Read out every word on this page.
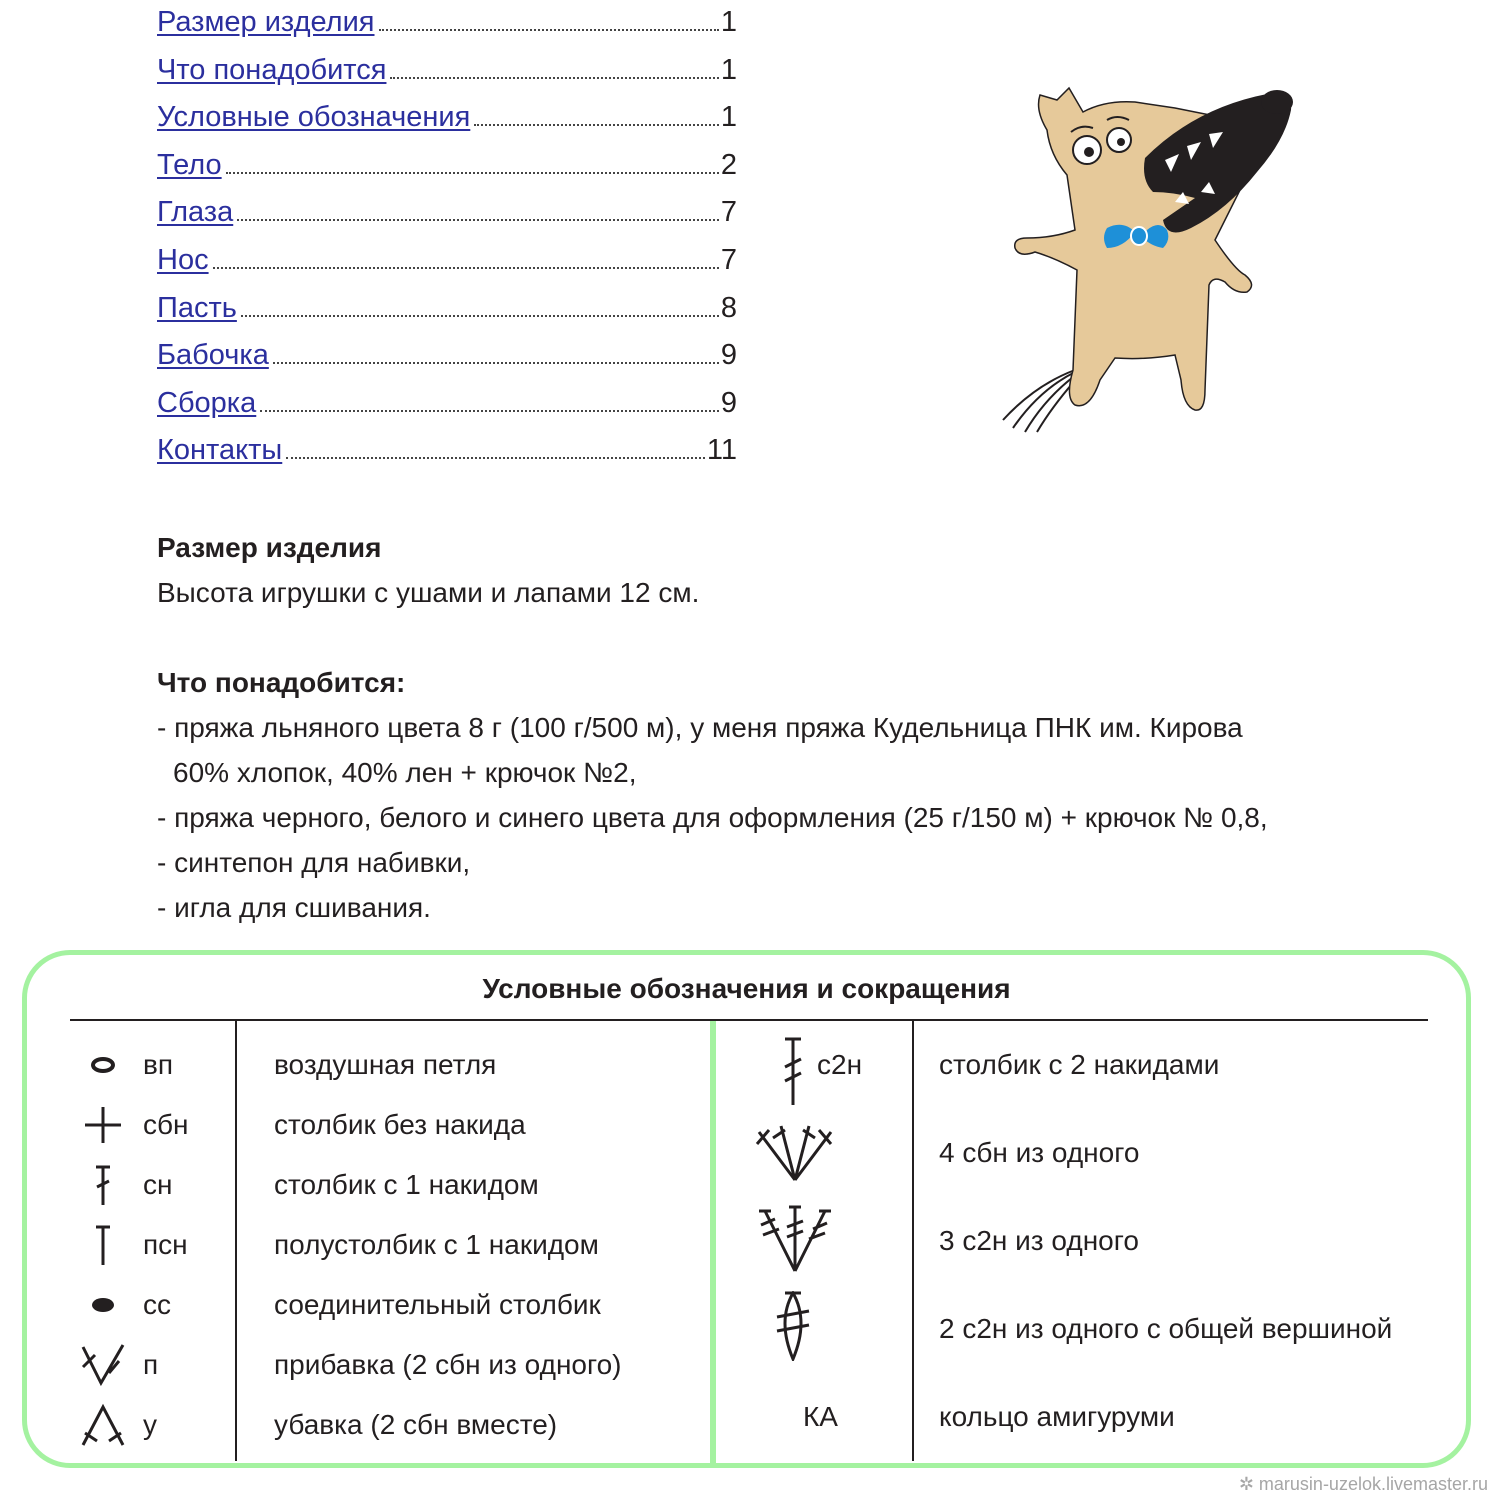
Размер изделия	1
Что понадобится	1
Условные обозначения	1
Тело	2
Глаза	7
Нос	7
Пасть	8
Бабочка	9
Сборка	9
Контакты	11
Размер изделия

Высота игрушки с ушами и лапами 12 см.

Что понадобится:

- пряжа льняного цвета 8 г (100 г/500 м), у меня пряжа Кудельница ПНК им. Кирова

60% хлопок, 40% лен + крючок №2,

- пряжа черного, белого и синего цвета для оформления (25 г/150 м) + крючок № 0,8,

- синтепон для набивки,

- игла для сшивания.

Условные обозначения и сокращения
вп	воздушная петля
сбн	столбик без накида
сн	столбик с 1 накидом
псн	полустолбик с 1 накидом
сс	соединительный столбик
п	прибавка (2 сбн из одного)
у	убавка (2 сбн вместе)
с2н	столбик с 2 накидами
4 сбн из одного
3 с2н из одного
2 с2н из одного с общей вершиной
КА	кольцо амигуруми
✲ marusin-uzelok.livemaster.ru
